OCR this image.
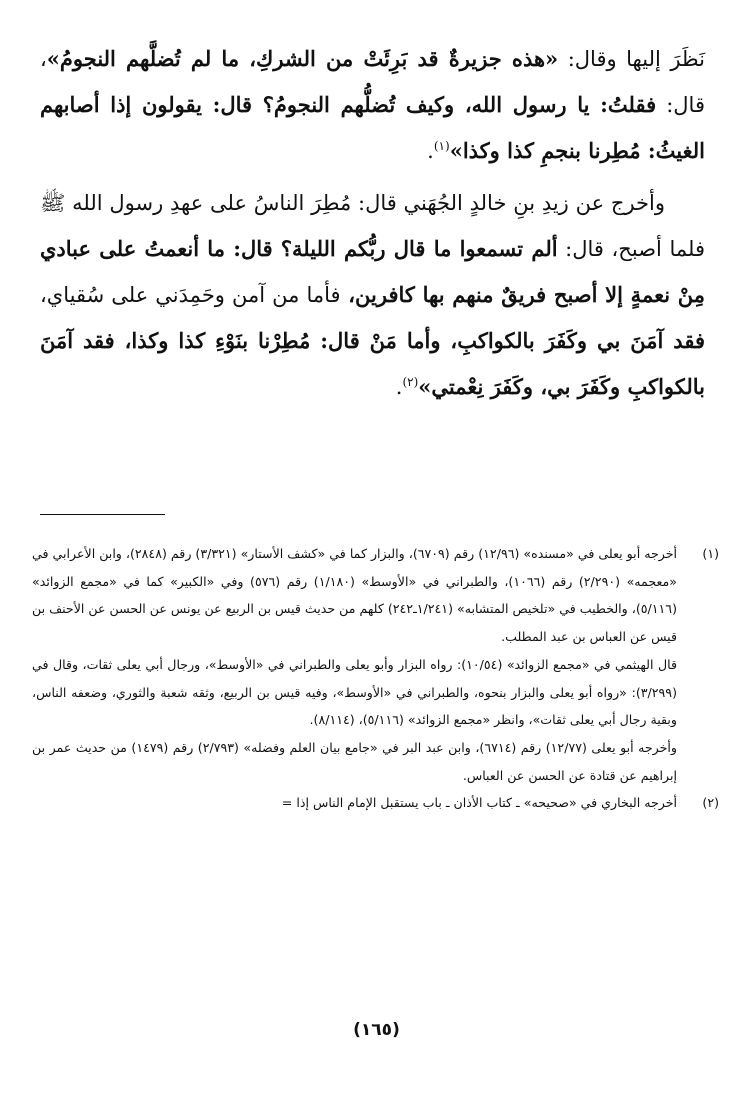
نَظَرَ إليها وقال: «هذه جزيرةٌ قد بَرِئَتْ من الشركِ، ما لم تُضلَّهم النجومُ»، قال: فقلتُ: يا رسول الله، وكيف تُضلُّهم النجومُ؟ قال: يقولون إذا أصابهم الغيثُ: مُطِرنا بنجمِ كذا وكذا»$^{(١)}$.

وأخرج عن زيدِ بنِ خالدٍ الجُهَني قال: مُطِرَ الناسُ على عهدِ رسول الله ﷺ فلما أصبح، قال: ألم تسمعوا ما قال ربُّكم الليلة؟ قال: ما أنعمتُ على عبادي مِنْ نعمةٍ إلا أصبح فريقٌ منهم بها كافرين، فأما من آمن وحَمِدَني على سُقياي، فقد آمَنَ بي وكَفَرَ بالكواكبِ، وأما مَنْ قال: مُطِرْنا بنَوْءِ كذا وكذا، فقد آمَنَ بالكواكبِ وكَفَرَ بي، وكَفَرَ نِعْمتي»$^{(٢)}$.

(١)

أخرجه أبو يعلى في «مسنده» (١٢/٩٦) رقم (٦٧٠٩)، والبزار كما في «كشف الأستار» (٣/٣٢١) رقم (٢٨٤٨)، وابن الأعرابي في «معجمه» (٢/٢٩٠) رقم (١٠٦٦)، والطبراني في «الأوسط» (١/١٨٠) رقم (٥٧٦) وفي «الكبير» كما في «مجمع الزوائد» (٥/١١٦)، والخطيب في «تلخيص المتشابه» (١/٢٤١ـ٢٤٢) كلهم من حديث قيس بن الربيع عن يونس عن الحسن عن الأحنف بن قيس عن العباس بن عبد المطلب.

قال الهيثمي في «مجمع الزوائد» (١٠/٥٤): رواه البزار وأبو يعلى والطبراني في «الأوسط»، ورجال أبي يعلى ثقات، وقال في (٣/٢٩٩): «رواه أبو يعلى والبزار بنحوه، والطبراني في «الأوسط»، وفيه قيس بن الربيع، وثقه شعبة والثوري، وضعفه الناس، وبقية رجال أبي يعلى ثقات»، وانظر «مجمع الزوائد» (٥/١١٦)، (٨/١١٤).

وأخرجه أبو يعلى (١٢/٧٧) رقم (٦٧١٤)، وابن عبد البر في «جامع بيان العلم وفضله» (٢/٧٩٣) رقم (١٤٧٩) من حديث عمر بن إبراهيم عن قتادة عن الحسن عن العباس.

(٢)

أخرجه البخاري في «صحيحه» ـ كتاب الأذان ـ باب يستقبل الإمام الناس إذا =

(١٦٥)
